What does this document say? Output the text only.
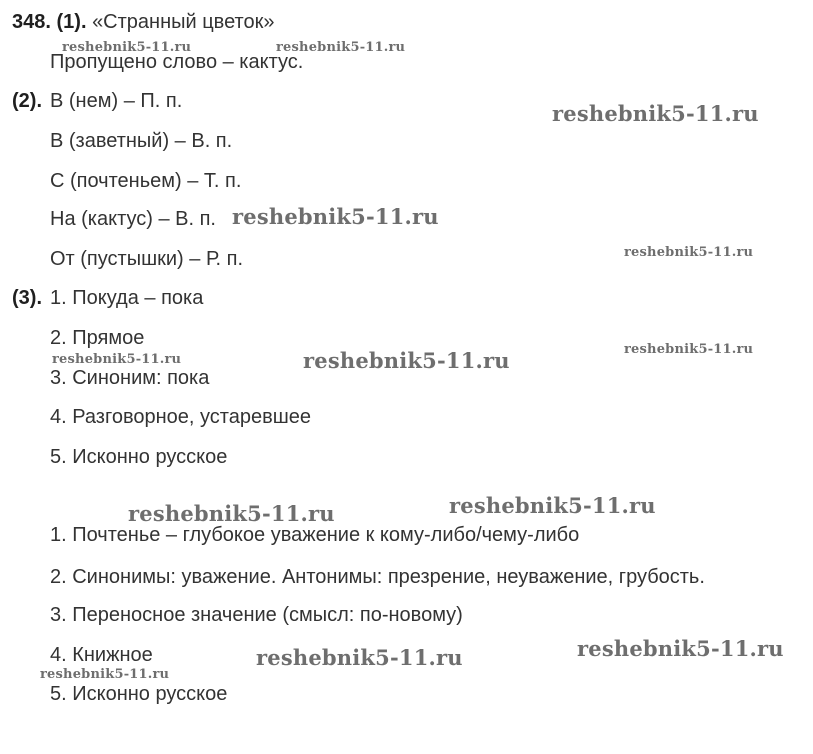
348. (1). «Странный цветок»
Пропущено слово – кактус.
(2). В (нем) – П. п.
В (заветный) – В. п.
С (почтеньем) – Т. п.
На (кактус) – В. п.
От (пустышки) – Р. п.
(3). 1. Покуда – пока
2. Прямое
3. Синоним: пока
4. Разговорное, устаревшее
5. Исконно русское
1. Почтенье – глубокое уважение к кому-либо/чему-либо
2. Синонимы: уважение. Антонимы: презрение, неуважение, грубость.
3. Переносное значение (смысл: по-новому)
4. Книжное
5. Исконно русское
reshebnik5-11.ru	reshebnik5-11.ru
reshebnik5-11.ru
reshebnik5-11.ru
reshebnik5-11.ru
reshebnik5-11.ru
reshebnik5-11.ru	reshebnik5-11.ru
reshebnik5-11.ru
reshebnik5-11.ru
reshebnik5-11.ru
reshebnik5-11.ru
reshebnik5-11.ru
